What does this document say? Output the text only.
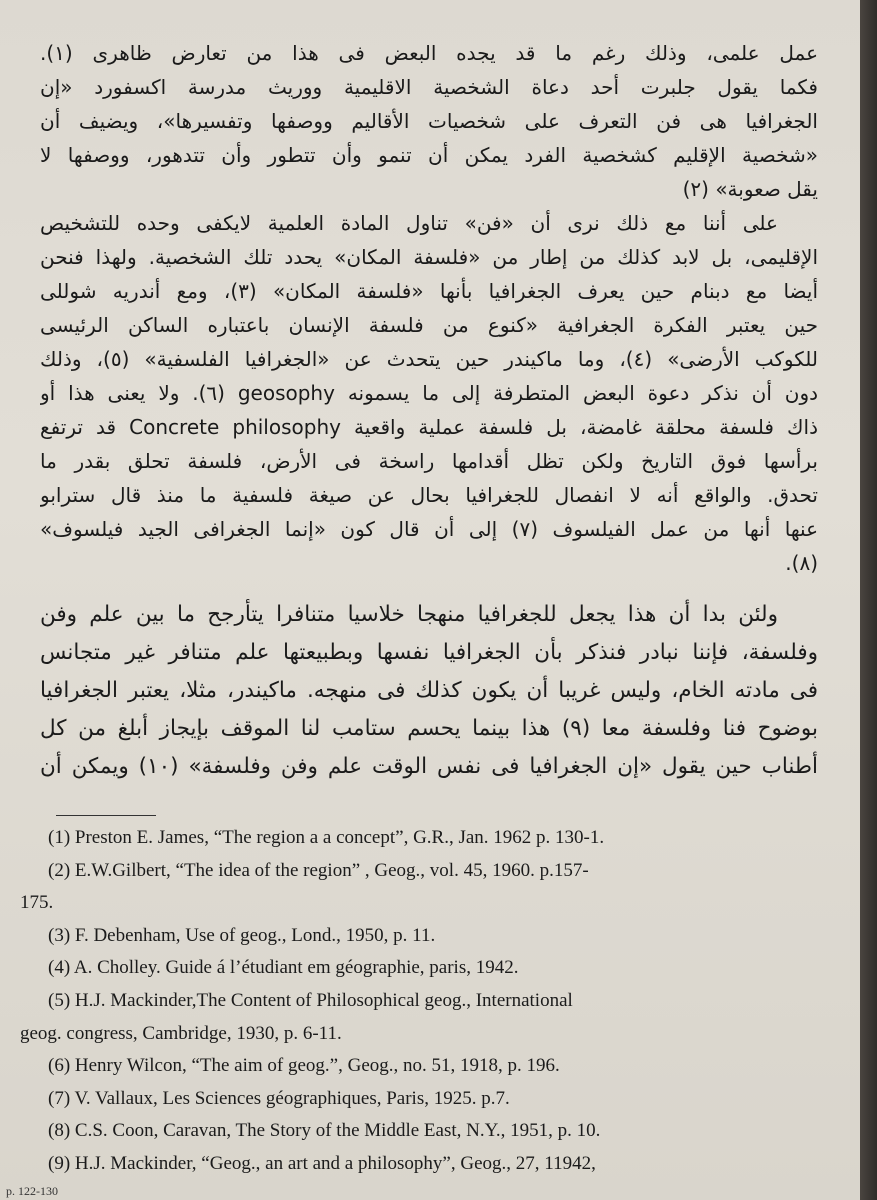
عمل علمى، وذلك رغم ما قد يجده البعض فى هذا من تعارض ظاهرى (١).
فكما يقول جلبرت أحد دعاة الشخصية الاقليمية ووريث مدرسة اكسفورد «إن
الجغرافيا هى فن التعرف على شخصيات الأقاليم ووصفها وتفسيرها»، ويضيف أن
«شخصية الإقليم كشخصية الفرد يمكن أن تنمو وأن تتطور وأن تتدهور، ووصفها لا
يقل صعوبة» (٢)
على أننا مع ذلك نرى أن «فن» تناول المادة العلمية لايكفى وحده للتشخيص
الإقليمى، بل لابد كذلك من إطار من «فلسفة المكان» يحدد تلك الشخصية. ولهذا فنحن
أيضا مع دبنام حين يعرف الجغرافيا بأنها «فلسفة المكان» (٣)، ومع أندريه شوللى
حين يعتبر الفكرة الجغرافية «كنوع من فلسفة الإنسان باعتباره الساكن الرئيسى
للكوكب الأرضى» (٤)، وما ماكيندر حين يتحدث عن «الجغرافيا الفلسفية» (٥)، وذلك
دون أن نذكر دعوة البعض المتطرفة إلى ما يسمونه geosophy (٦). ولا يعنى هذا أو
ذاك فلسفة محلقة غامضة، بل فلسفة عملية واقعية Concrete philosophy قد ترتفع
برأسها فوق التاريخ ولكن تظل أقدامها راسخة فى الأرض، فلسفة تحلق بقدر ما
تحدق. والواقع أنه لا انفصال للجغرافيا بحال عن صيغة فلسفية ما منذ قال سترابو
عنها أنها من عمل الفيلسوف (٧) إلى أن قال كون «إنما الجغرافى الجيد فيلسوف»
(٨).
ولئن بدا أن هذا يجعل للجغرافيا منهجا خلاسيا متنافرا يتأرجح ما بين علم وفن
وفلسفة، فإننا نبادر فنذكر بأن الجغرافيا نفسها وبطبيعتها علم متنافر غير متجانس
فى مادته الخام، وليس غريبا أن يكون كذلك فى منهجه. ماكيندر، مثلا، يعتبر الجغرافيا
بوضوح فنا وفلسفة معا (٩) هذا بينما يحسم ستامب لنا الموقف بإيجاز أبلغ من كل
أطناب حين يقول «إن الجغرافيا فى نفس الوقت علم وفن وفلسفة» (١٠) ويمكن أن
(1) Preston E. James, “The region a a concept”, G.R., Jan. 1962 p. 130-1.
(2) E.W.Gilbert, “The idea of the region” , Geog., vol. 45, 1960. p.157-
175.
(3) F. Debenham, Use of geog., Lond., 1950, p. 11.
(4) A. Cholley. Guide á l’étudiant em géographie, paris, 1942.
(5) H.J. Mackinder,The Content of Philosophical geog., International
geog. congress, Cambridge, 1930, p. 6-11.
(6) Henry Wilcon, “The aim of geog.”, Geog., no. 51, 1918, p. 196.
(7) V. Vallaux, Les Sciences géographiques, Paris, 1925. p.7.
(8) C.S. Coon, Caravan, The Story of the Middle East, N.Y., 1951, p. 10.
(9) H.J. Mackinder, “Geog., an art and a philosophy”, Geog., 27, 11942,
p. 122-130
